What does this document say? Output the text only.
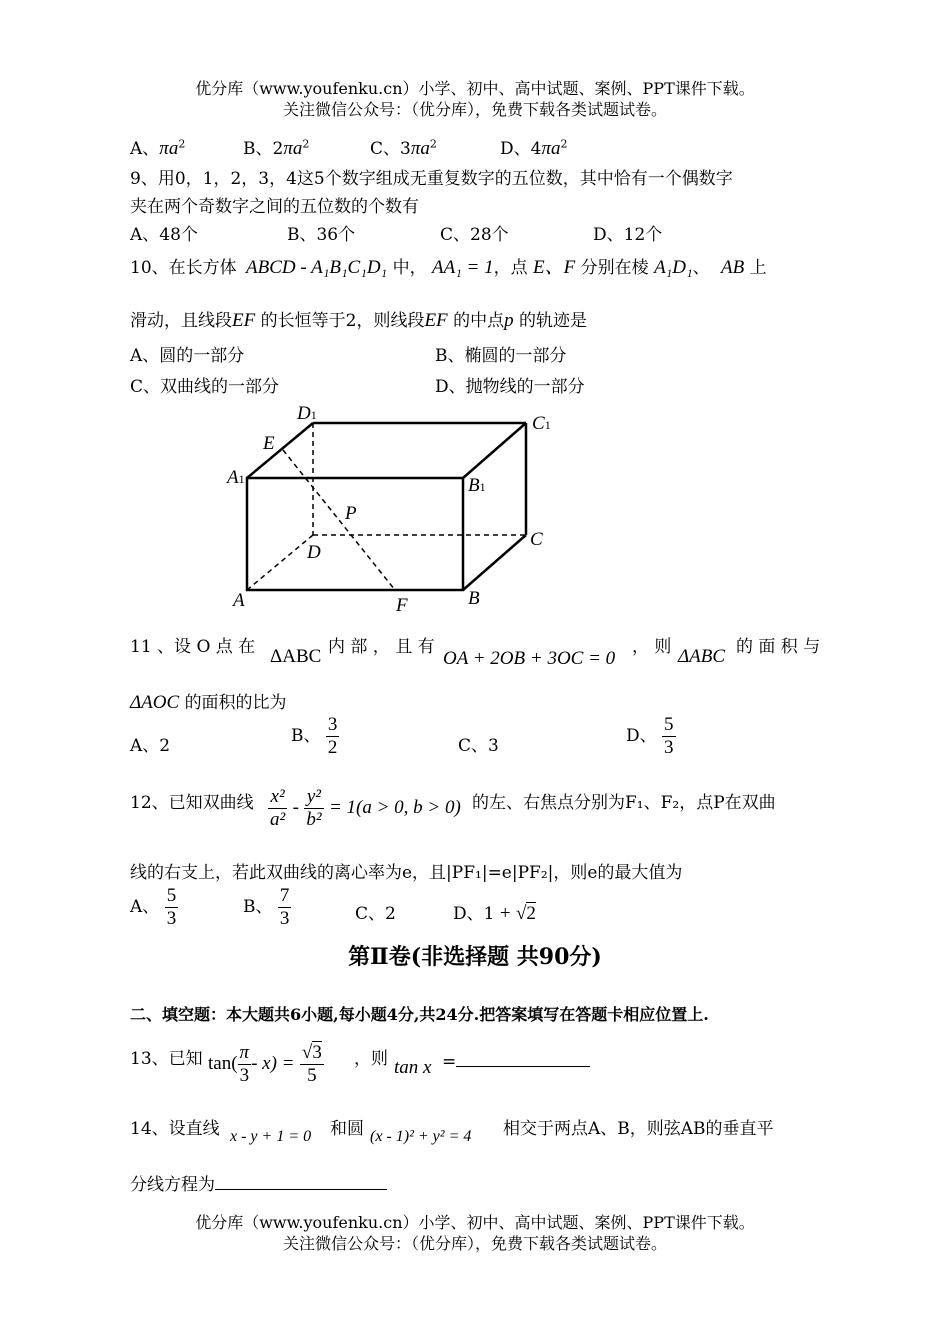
优分库（www.youfenku.cn）小学、初中、高中试题、案例、PPT课件下载。
关注微信公众号：（优分库），免费下载各类试题试卷。
A、$\pi a^2$	B、$2\pi a^2$	C、$3\pi a^2$	D、$4\pi a^2$
9、用0，1，2，3，4这5个数字组成无重复数字的五位数，其中恰有一个偶数字
夹在两个奇数字之间的五位数的个数有
A、48个	B、36个	C、28个	D、12个
10、在长方体 ABCD - A₁B₁C₁D₁ 中， AA₁ = 1，点 E、F 分别在棱 A₁D₁、 AB 上
滑动，且线段EF 的长恒等于2，则线段EF 的中点p 的轨迹是
A、圆的一部分	B、椭圆的一部分
C、双曲线的一部分	D、抛物线的一部分
D1	C1
A1	B1
E
P
D
C
A	F	B
11 、设 O 点 在 ΔABC 内 部 ， 且 有
OA + 2OB + 3OC = 0
， 则 ΔABC 的 面 积 与
ΔAOC 的面积的比为
A、2	B、 $\frac{3}{2}$	C、3	D、 $\frac{5}{3}$
12、已知双曲线 $\frac{\text{x²}}{\text{a²}} - \frac{\text{y²}}{\text{b²}} = 1(a > 0$, b > 0) 的左、右焦点分别为F₁、F₂，点P在双曲
线的右支上，若此双曲线的离心率为e，且|PF₁|=e|PF₂|，则e的最大值为
A、 $\frac{5}{3}$	B、 $\frac{7}{3}$	C、2	D、1 + √2
第Ⅱ卷(非选择题 共90分)
二、填空题：本大题共6小题,每小题4分,共24分.把答案填写在答题卡相应位置上.
13、已知 $\tan( \frac{\pi}{3} - x) = \frac{√3}{5}$ ，则 tan x =
14、设直线 x - y + 1 = 0 和圆 (x - 1)² + y² = 4 相交于两点A、B，则弦AB的垂直平
分线方程为
优分库（www.youfenku.cn）小学、初中、高中试题、案例、PPT课件下载。
关注微信公众号：（优分库），免费下载各类试题试卷。
